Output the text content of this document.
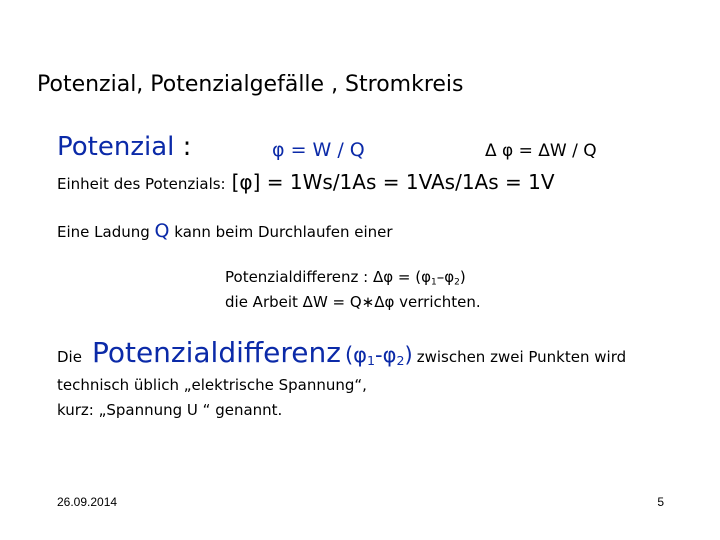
Potenzial, Potenzialgefälle , Stromkreis
Potenzial :	φ = W / Q	Δ φ = ΔW / Q
Einheit des Potenzials: [φ] = 1Ws/1As = 1VAs/1As = 1V
Eine Ladung Q kann beim Durchlaufen einer
Potenzialdifferenz : $\Delta\varphi = (\varphi_1-\varphi_2)$
die Arbeit ΔW = Q∗Δφ verrichten.
Die Potenzialdifferenz $(\varphi_1-\varphi_2)$ zwischen zwei Punkten wird
technisch üblich „elektrische Spannung“,
kurz: „Spannung U “ genannt.
26.09.2014	5
